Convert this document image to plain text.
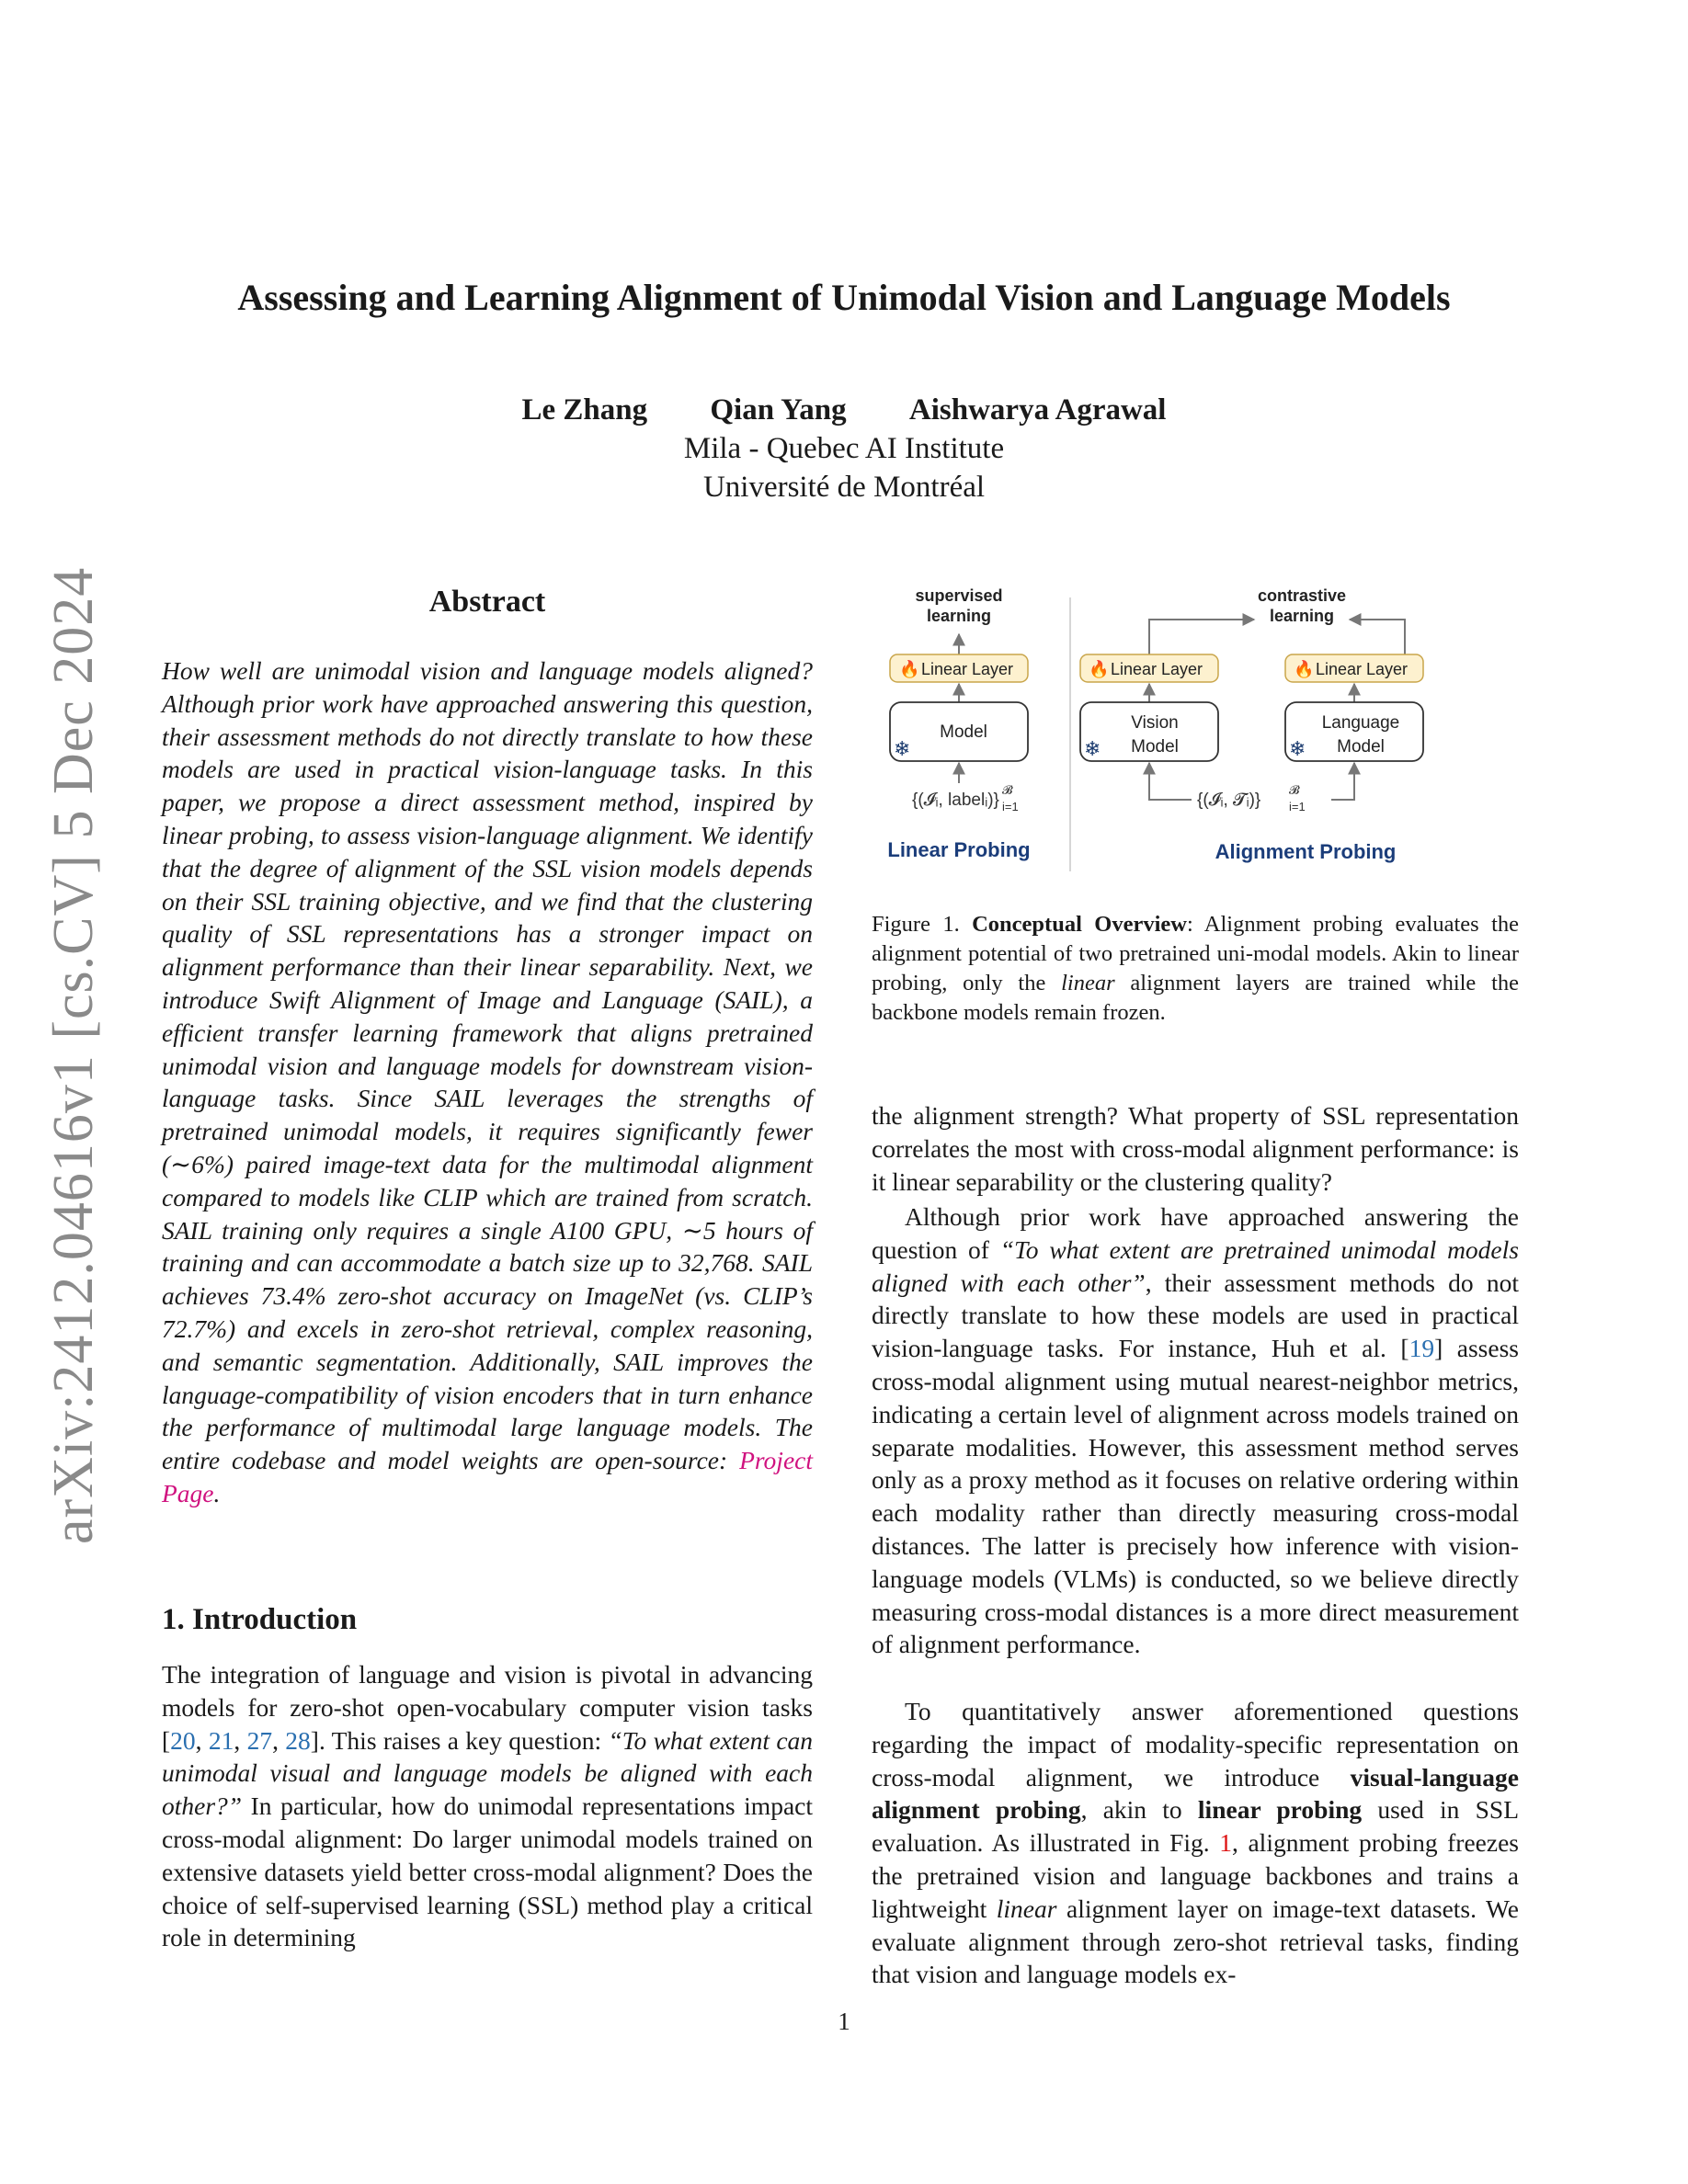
arXiv:2412.04616v1 [cs.CV] 5 Dec 2024
Assessing and Learning Alignment of Unimodal Vision and Language Models
Le Zhang Qian Yang Aishwarya Agrawal
Mila - Quebec AI Institute
Université de Montréal
Abstract
How well are unimodal vision and language models aligned? Although prior work have approached answering this question, their assessment methods do not directly translate to how these models are used in practical vision-language tasks. In this paper, we propose a direct assessment method, inspired by linear probing, to assess vision-language alignment. We identify that the degree of alignment of the SSL vision models depends on their SSL training objective, and we find that the clustering quality of SSL representations has a stronger impact on alignment performance than their linear separability. Next, we introduce Swift Alignment of Image and Language (SAIL), a efficient transfer learning framework that aligns pretrained unimodal vision and language models for downstream vision-language tasks. Since SAIL leverages the strengths of pretrained unimodal models, it requires significantly fewer (∼6%) paired image-text data for the multimodal alignment compared to models like CLIP which are trained from scratch. SAIL training only requires a single A100 GPU, ∼5 hours of training and can accommodate a batch size up to 32,768. SAIL achieves 73.4% zero-shot accuracy on ImageNet (vs. CLIP’s 72.7%) and excels in zero-shot retrieval, complex reasoning, and semantic segmentation. Additionally, SAIL improves the language-compatibility of vision encoders that in turn enhance the performance of multimodal large language models. The entire codebase and model weights are open-source: Project Page.
1. Introduction
The integration of language and vision is pivotal in advancing models for zero-shot open-vocabulary computer vision tasks [20, 21, 27, 28]. This raises a key question: “To what extent can unimodal visual and language models be aligned with each other?” In particular, how do unimodal representations impact cross-modal alignment: Do larger unimodal models trained on extensive datasets yield better cross-modal alignment? Does the choice of self-supervised learning (SSL) method play a critical role in determining
supervised
learning
🔥 Linear Layer
Model
❄
{(𝓘ᵢ, labelᵢ)}
𝓑
i=1
Linear Probing
contrastive
learning
🔥 Linear Layer	🔥 Linear Layer
Vision
Model
❄
Language
Model
❄
{(𝓘ᵢ, 𝓣ᵢ)}
𝓑
i=1
Alignment Probing
Figure 1. Conceptual Overview: Alignment probing evaluates the alignment potential of two pretrained uni-modal models. Akin to linear probing, only the linear alignment layers are trained while the backbone models remain frozen.
the alignment strength? What property of SSL representation correlates the most with cross-modal alignment performance: is it linear separability or the clustering quality?
Although prior work have approached answering the question of “To what extent are pretrained unimodal models aligned with each other”, their assessment methods do not directly translate to how these models are used in practical vision-language tasks. For instance, Huh et al. [19] assess cross-modal alignment using mutual nearest-neighbor metrics, indicating a certain level of alignment across models trained on separate modalities. However, this assessment method serves only as a proxy method as it focuses on relative ordering within each modality rather than directly measuring cross-modal distances. The latter is precisely how inference with vision-language models (VLMs) is conducted, so we believe directly measuring cross-modal distances is a more direct measurement of alignment performance.
To quantitatively answer aforementioned questions regarding the impact of modality-specific representation on cross-modal alignment, we introduce visual-language alignment probing, akin to linear probing used in SSL evaluation. As illustrated in Fig. 1, alignment probing freezes the pretrained vision and language backbones and trains a lightweight linear alignment layer on image-text datasets. We evaluate alignment through zero-shot retrieval tasks, finding that vision and language models ex-
1
